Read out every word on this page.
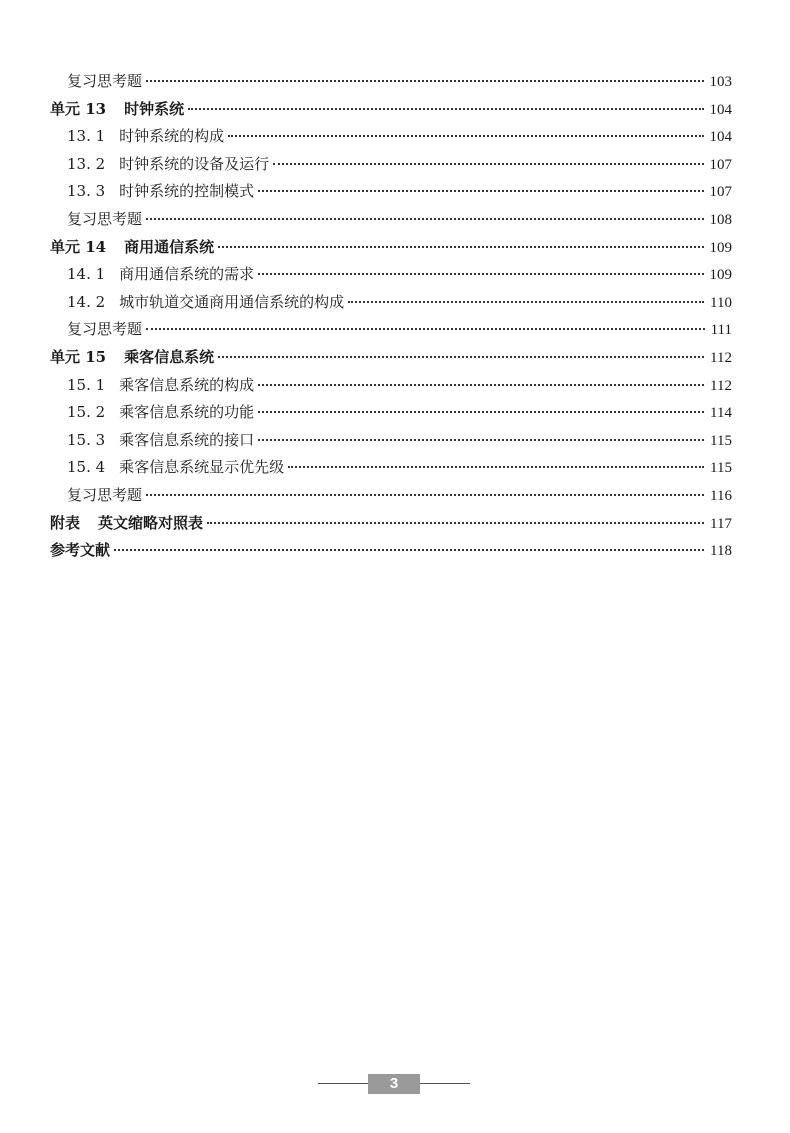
复习思考题	103
单元 13 时钟系统	104
13. 1 时钟系统的构成	104
13. 2 时钟系统的设备及运行	107
13. 3 时钟系统的控制模式	107
复习思考题	108
单元 14 商用通信系统	109
14. 1 商用通信系统的需求	109
14. 2 城市轨道交通商用通信系统的构成	110
复习思考题	111
单元 15 乘客信息系统	112
15. 1 乘客信息系统的构成	112
15. 2 乘客信息系统的功能	114
15. 3 乘客信息系统的接口	115
15. 4 乘客信息系统显示优先级	115
复习思考题	116
附表 英文缩略对照表	117
参考文献	118
3
